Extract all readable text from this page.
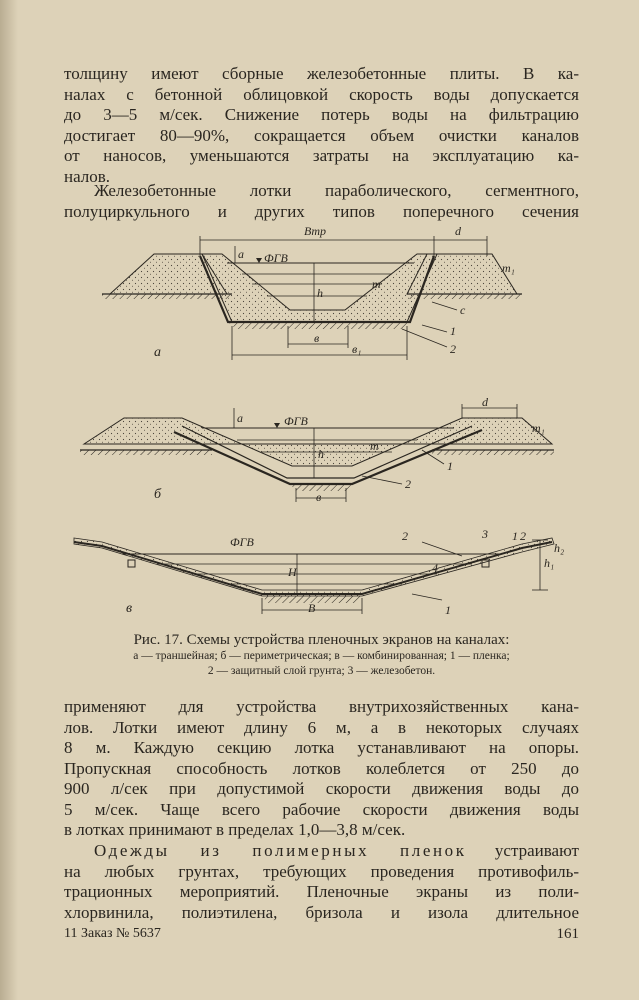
толщину имеют сборные железобетонные плиты. В ка-
налах с бетонной облицовкой скорость воды допускается
до 3—5 м/сек. Снижение потерь воды на фильтрацию
достигает 80—90%, сокращается объем очистки каналов
от наносов, уменьшаются затраты на эксплуатацию ка-
налов.
Железобетонные лотки параболического, сегментного,
полуциркульного и других типов поперечного сечения
Bтр	d
ФГВ
h
a
m
m₁
в
в₁
c
1
2
а
d
ФГВ
h
a
m
m₁
в
1
2
б
ФГВ
H
B
h₁
h₂
1
2	3 1 2
4
в
Рис. 17. Схемы устройства пленочных экранов на каналах:
а — траншейная; б — периметрическая; в — комбинированная; 1 — пленка;
2 — защитный слой грунта; 3 — железобетон.
применяют для устройства внутрихозяйственных кана-
лов. Лотки имеют длину 6 м, а в некоторых случаях
8 м. Каждую секцию лотка устанавливают на опоры.
Пропускная способность лотков колеблется от 250 до
900 л/сек при допустимой скорости движения воды до
5 м/сек. Чаще всего рабочие скорости движения воды
в лотках принимают в пределах 1,0—3,8 м/сек.
Одежды из полимерных пленок устраивают
на любых грунтах, требующих проведения противофиль-
трационных мероприятий. Пленочные экраны из поли-
хлорвинила, полиэтилена, бризола и изола длительное
11 Заказ № 5637	161
